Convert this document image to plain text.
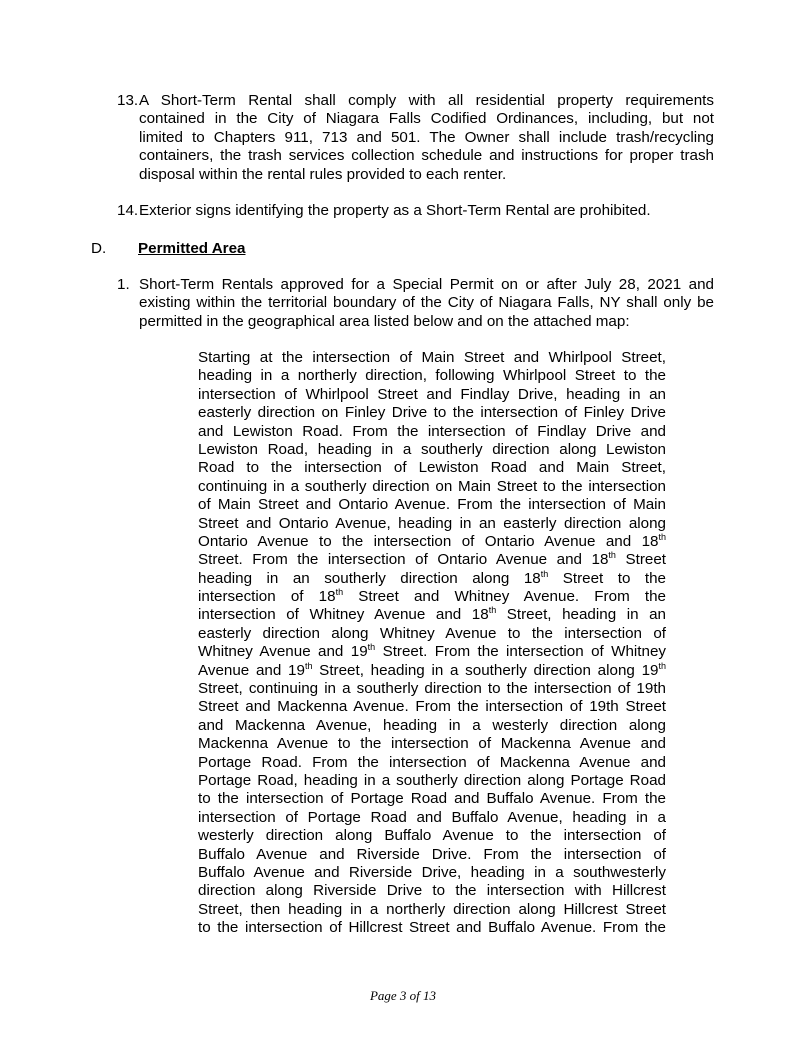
13. A Short-Term Rental shall comply with all residential property requirements
contained in the City of Niagara Falls Codified Ordinances, including, but not
limited to Chapters 911, 713 and 501. The Owner shall include trash/recycling
containers, the trash services collection schedule and instructions for proper trash
disposal within the rental rules provided to each renter.
14. Exterior signs identifying the property as a Short-Term Rental are prohibited.
D. Permitted Area
1. Short-Term Rentals approved for a Special Permit on or after July 28, 2021 and
existing within the territorial boundary of the City of Niagara Falls, NY shall only be
permitted in the geographical area listed below and on the attached map:
Starting at the intersection of Main Street and Whirlpool Street,
heading in a northerly direction, following Whirlpool Street to the
intersection of Whirlpool Street and Findlay Drive, heading in an
easterly direction on Finley Drive to the intersection of Finley Drive
and Lewiston Road. From the intersection of Findlay Drive and
Lewiston Road, heading in a southerly direction along Lewiston
Road to the intersection of Lewiston Road and Main Street,
continuing in a southerly direction on Main Street to the intersection
of Main Street and Ontario Avenue. From the intersection of Main
Street and Ontario Avenue, heading in an easterly direction along
Ontario Avenue to the intersection of Ontario Avenue and 18th
Street. From the intersection of Ontario Avenue and 18th Street
heading in an southerly direction along 18th Street to the
intersection of 18th Street and Whitney Avenue. From the
intersection of Whitney Avenue and 18th Street, heading in an
easterly direction along Whitney Avenue to the intersection of
Whitney Avenue and 19th Street. From the intersection of Whitney
Avenue and 19th Street, heading in a southerly direction along 19th
Street, continuing in a southerly direction to the intersection of 19th
Street and Mackenna Avenue. From the intersection of 19th Street
and Mackenna Avenue, heading in a westerly direction along
Mackenna Avenue to the intersection of Mackenna Avenue and
Portage Road. From the intersection of Mackenna Avenue and
Portage Road, heading in a southerly direction along Portage Road
to the intersection of Portage Road and Buffalo Avenue. From the
intersection of Portage Road and Buffalo Avenue, heading in a
westerly direction along Buffalo Avenue to the intersection of
Buffalo Avenue and Riverside Drive. From the intersection of
Buffalo Avenue and Riverside Drive, heading in a southwesterly
direction along Riverside Drive to the intersection with Hillcrest
Street, then heading in a northerly direction along Hillcrest Street
to the intersection of Hillcrest Street and Buffalo Avenue. From the
Page 3 of 13
